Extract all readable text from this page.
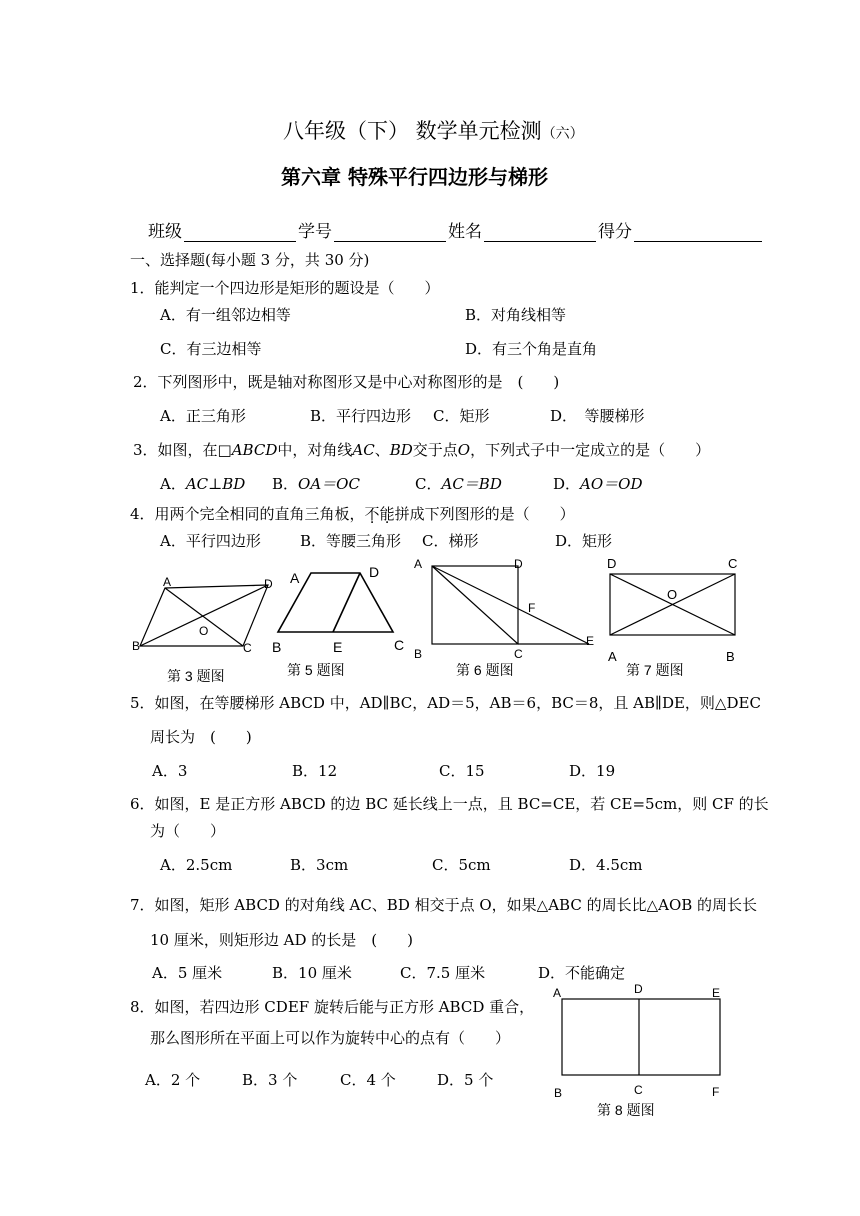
八年级（下） 数学单元检测（六）
第六章 特殊平行四边形与梯形
班级	学号	姓名	得分
一、选择题(每小题 3 分，共 30 分)
1．能判定一个四边形是矩形的题设是（　　）
A．有一组邻边相等	B．对角线相等
C．有三边相等	D．有三个角是直角
2．下列图形中，既是轴对称图形又是中心对称图形的是　(　　)
A．正三角形	B．平行四边形 C．矩形	D．　等腰梯形
3．如图，在□ABCD中，对角线AC、BD交于点O，下列式子中一定成立的是（　　）
A．AC⊥BD B．OA＝OC	C．AC＝BD	D．AO＝OD
4．用两个完全相同的直角三角板，不能拼成下列图形的是（　　）
A．平行四边形	B．等腰三角形 C．梯形	D．矩形
A	D
B	C
O
A	D
B	E	C
A	D
F
E
B	C
D	C
O
A	B
第 3 题图	第 5 题图	第 6 题图	第 7 题图
5．如图，在等腰梯形 ABCD 中，AD∥BC，AD＝5，AB＝6，BC＝8，且 AB∥DE，则△DEC
周长为　(　　)
A．3	B．12	C．15	D．19
6．如图，E 是正方形 ABCD 的边 BC 延长线上一点，且 BC=CE，若 CE=5cm，则 CF 的长
为（　　）
A．2.5cm	B．3cm	C．5cm	D．4.5cm
7．如图，矩形 ABCD 的对角线 AC、BD 相交于点 O，如果△ABC 的周长比△AOB 的周长长
10 厘米，则矩形边 AD 的长是　(　　)
A．5 厘米	B．10 厘米	C．7.5 厘米	D．不能确定
8．如图，若四边形 CDEF 旋转后能与正方形 ABCD 重合，
那么图形所在平面上可以作为旋转中心的点有（　　）
A．2 个	B．3 个	C．4 个	D．5 个
A	D	E
B	C	F
第 8 题图
